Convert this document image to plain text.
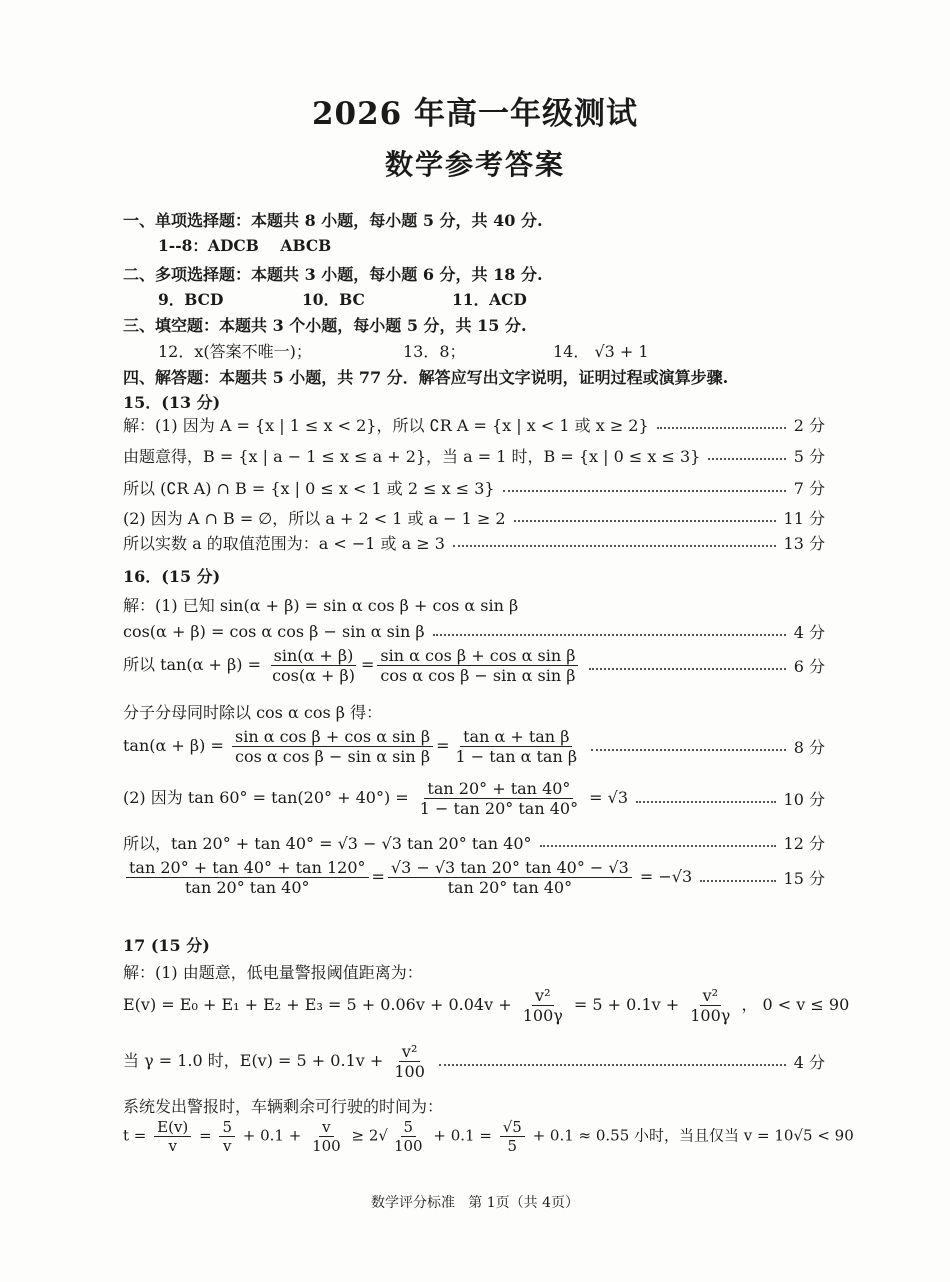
2026 年高一年级测试
数学参考答案
一、单项选择题：本题共 8 小题，每小题 5 分，共 40 分.
1--8：ADCB    ABCB
二、多项选择题：本题共 3 小题，每小题 6 分，共 18 分.
9．BCD	10．BC	11．ACD
三、填空题：本题共 3 个小题，每小题 5 分，共 15 分.
12．x(答案不唯一)；	13．8；	14． √3 + 1
四、解答题：本题共 5 小题，共 77 分．解答应写出文字说明，证明过程或演算步骤.
15．(13 分)
解：(1) 因为 A = {x | 1 ≤ x < 2}，所以 ∁R A = {x | x < 1 或 x ≥ 2}	2 分
由题意得，B = {x | a − 1 ≤ x ≤ a + 2}，当 a = 1 时，B = {x | 0 ≤ x ≤ 3}	5 分
所以 (∁R A) ∩ B = {x | 0 ≤ x < 1 或 2 ≤ x ≤ 3}	7 分
(2) 因为 A ∩ B = ∅，所以 a + 2 < 1 或 a − 1 ≥ 2	11 分
所以实数 a 的取值范围为：a < −1 或 a ≥ 3	13 分
16．(15 分)
解：(1) 已知 sin(α + β) = sin α cos β + cos α sin β
cos(α + β) = cos α cos β − sin α sin β	4 分
所以 $\tan(\alpha + \beta) = \frac{\sin(\alpha + \beta)}{\cos(\alpha + \beta)} = \frac{\text{sin α cos β + cos α sin β}}{\text{cos α cos β − sin α sin β}}$	6 分
分子分母同时除以 cos α cos β 得：
$\tan(\alpha + \beta) = \frac{\text{sin α cos β + cos α sin β}}{\text{cos α cos β − sin α sin β}} = \frac{\text{tan α + tan β}}{\text{1 − tan α tan β}}$	8 分
(2) 因为 $\tan 60^\circ = \tan(20^\circ + 40^\circ) = \frac{\tan 20^\circ + \tan 40^\circ}{1 - \tan 20^\circ \tan 40^\circ} = √3$	10 分
所以，tan 20° + tan 40° = √3 − √3 tan 20° tan 40°	12 分
$\frac{\tan 20^\circ + \tan 40^\circ + \tan 120^\circ}{\tan 20^\circ \tan 40^\circ} = \frac{√3 - √3 \tan 20^\circ \tan 40^\circ - √3}{\tan 20^\circ \tan 40^\circ} = -√3$	15 分
17 (15 分)
解：(1) 由题意，低电量警报阈值距离为：
$E(v) = E_0 + E_1 + E_2 + E_3 = 5 + 0.06v + 0.04v + \frac{\text{v²}}{100\gamma} = 5 + 0.1v + \frac{\text{v²}}{100\gamma}$ ， 0 < v ≤ 90
当 γ = 1.0 时，$E(v) = 5 + 0.1v + \frac{\text{v²}}{100}$	4 分
系统发出警报时，车辆剩余可行驶的时间为：
$t = \frac{E(v)}{v} = \frac{5}{v} + 0.1 + \frac{v}{100} \ge 2√ \frac{5}{100} + 0.1 = \frac{√5}{5} + 0.1 \approx 0.55$ 小时，当且仅当 v = 10√5 < 90
数学评分标准   第 1页（共 4页）
